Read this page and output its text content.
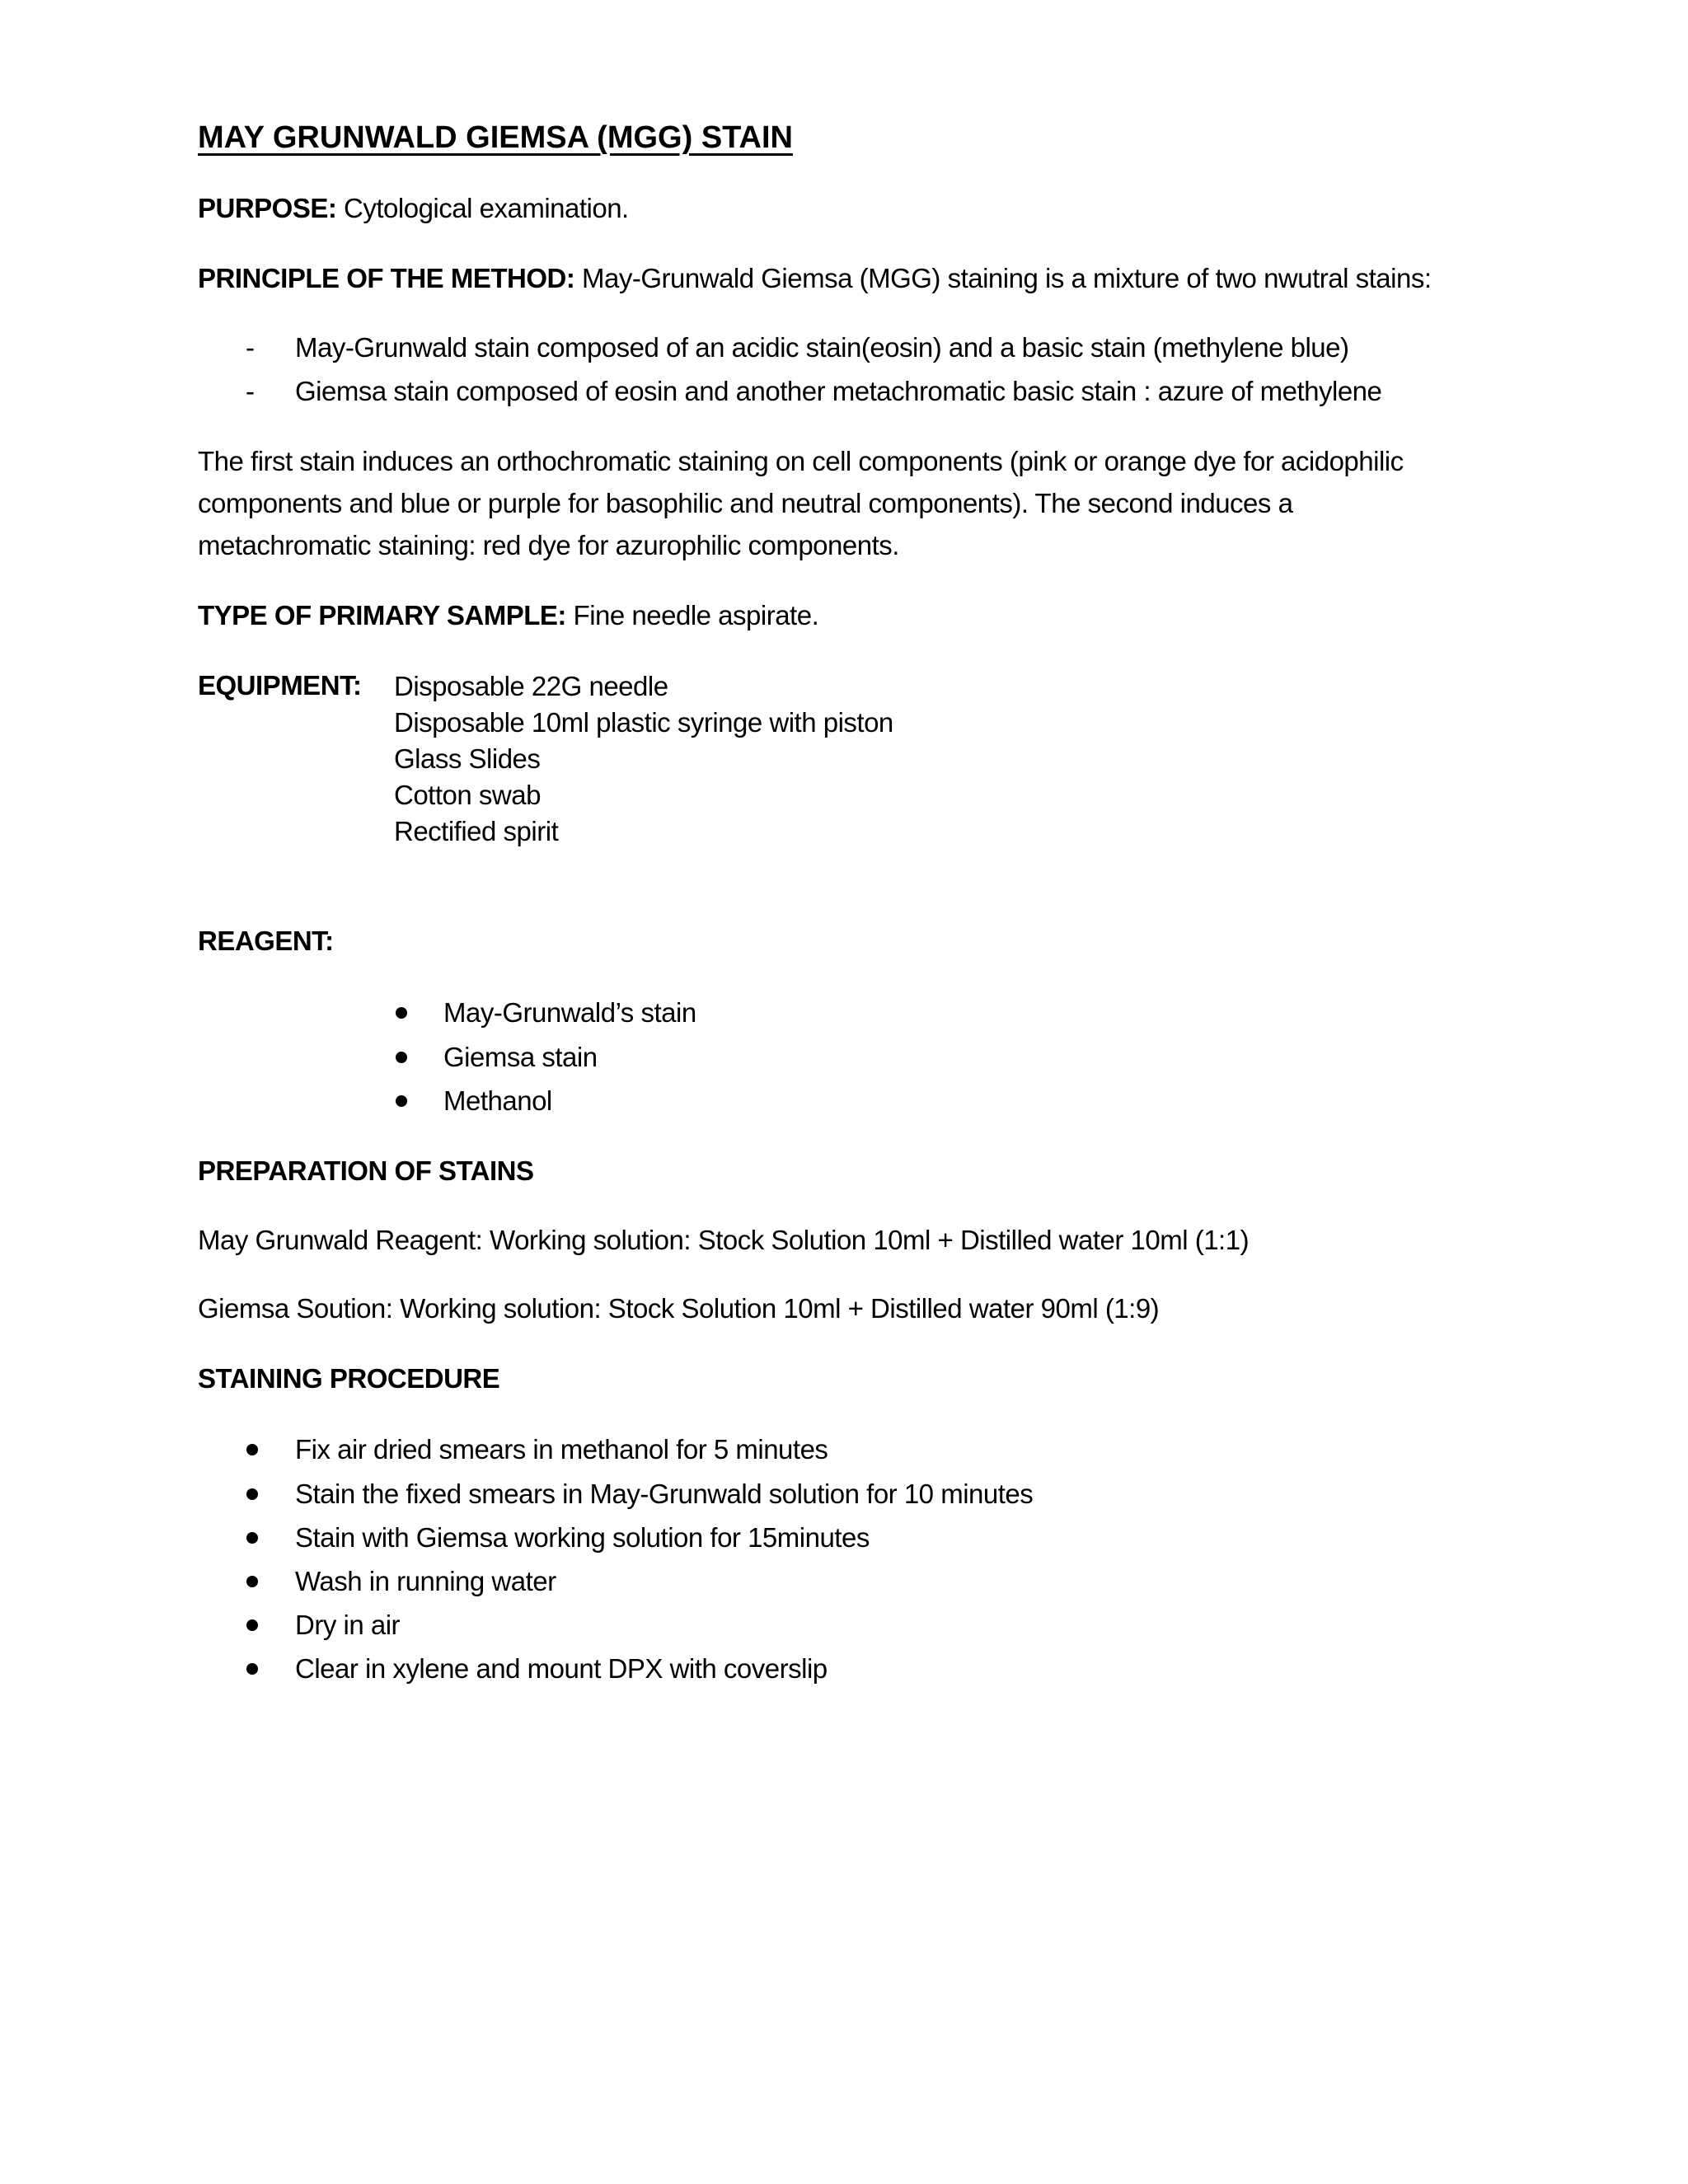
MAY GRUNWALD GIEMSA (MGG) STAIN
PURPOSE: Cytological examination.
PRINCIPLE OF THE METHOD: May-Grunwald Giemsa (MGG) staining is a mixture of two nwutral stains:
- May-Grunwald stain composed of an acidic stain(eosin) and a basic stain (methylene blue)
- Giemsa stain composed of eosin and another metachromatic basic stain : azure of methylene
The first stain induces an orthochromatic staining on cell components (pink or orange dye for acidophilic
components and blue or purple for basophilic and neutral components). The second induces a
metachromatic staining: red dye for azurophilic components.
TYPE OF PRIMARY SAMPLE: Fine needle aspirate.
EQUIPMENT: Disposable 22G needle
Disposable 10ml plastic syringe with piston
Glass Slides
Cotton swab
Rectified spirit
REAGENT:
May-Grunwald’s stain
Giemsa stain
Methanol
PREPARATION OF STAINS
May Grunwald Reagent: Working solution: Stock Solution 10ml + Distilled water 10ml (1:1)
Giemsa Soution: Working solution: Stock Solution 10ml + Distilled water 90ml (1:9)
STAINING PROCEDURE
Fix air dried smears in methanol for 5 minutes
Stain the fixed smears in May-Grunwald solution for 10 minutes
Stain with Giemsa working solution for 15minutes
Wash in running water
Dry in air
Clear in xylene and mount DPX with coverslip
